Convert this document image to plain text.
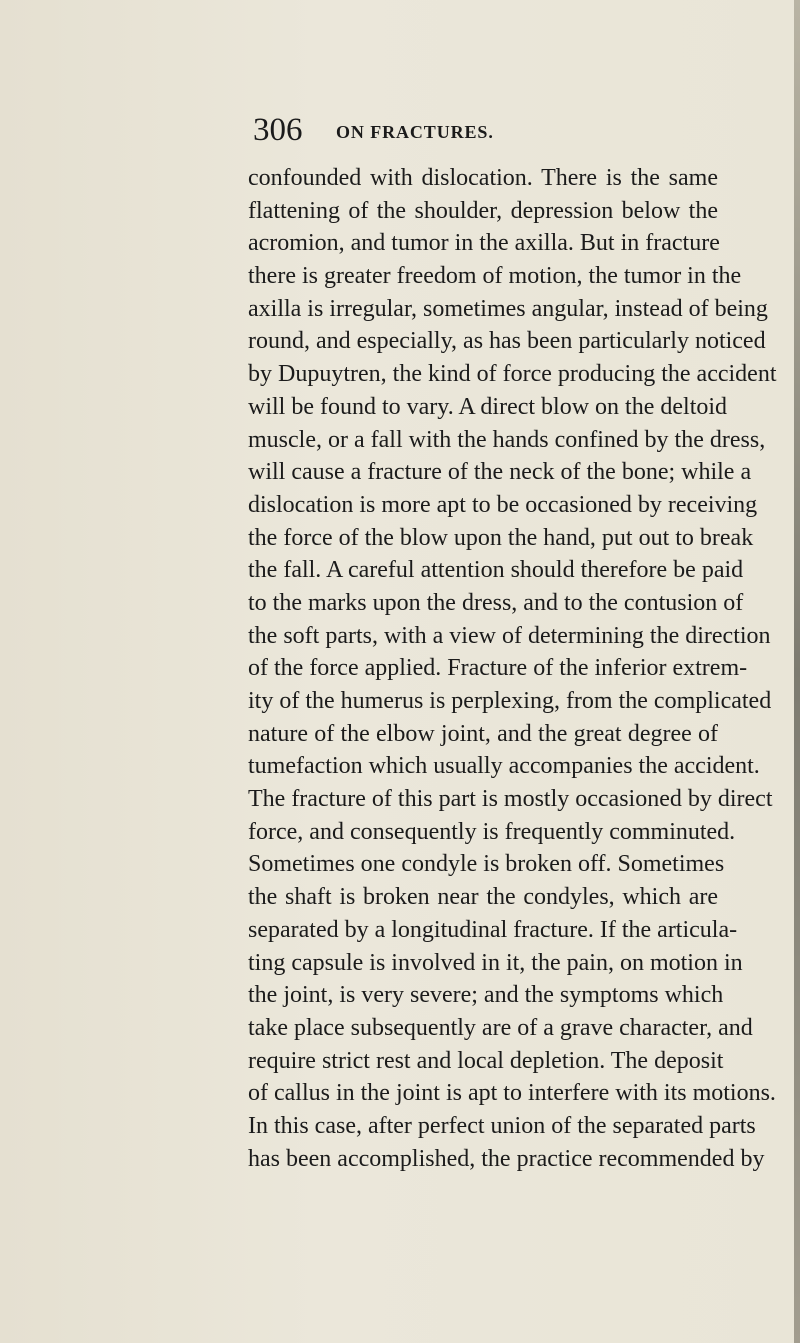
306 ON FRACTURES.
confounded with dislocation. There is the same
flattening of the shoulder, depression below the
acromion, and tumor in the axilla. But in fracture
there is greater freedom of motion, the tumor in the
axilla is irregular, sometimes angular, instead of being
round, and especially, as has been particularly noticed
by Dupuytren, the kind of force producing the accident
will be found to vary. A direct blow on the deltoid
muscle, or a fall with the hands confined by the dress,
will cause a fracture of the neck of the bone; while a
dislocation is more apt to be occasioned by receiving
the force of the blow upon the hand, put out to break
the fall. A careful attention should therefore be paid
to the marks upon the dress, and to the contusion of
the soft parts, with a view of determining the direction
of the force applied. Fracture of the inferior extrem-
ity of the humerus is perplexing, from the complicated
nature of the elbow joint, and the great degree of
tumefaction which usually accompanies the accident.
The fracture of this part is mostly occasioned by direct
force, and consequently is frequently comminuted.
Sometimes one condyle is broken off. Sometimes
the shaft is broken near the condyles, which are
separated by a longitudinal fracture. If the articula-
ting capsule is involved in it, the pain, on motion in
the joint, is very severe; and the symptoms which
take place subsequently are of a grave character, and
require strict rest and local depletion. The deposit
of callus in the joint is apt to interfere with its motions.
In this case, after perfect union of the separated parts
has been accomplished, the practice recommended by
